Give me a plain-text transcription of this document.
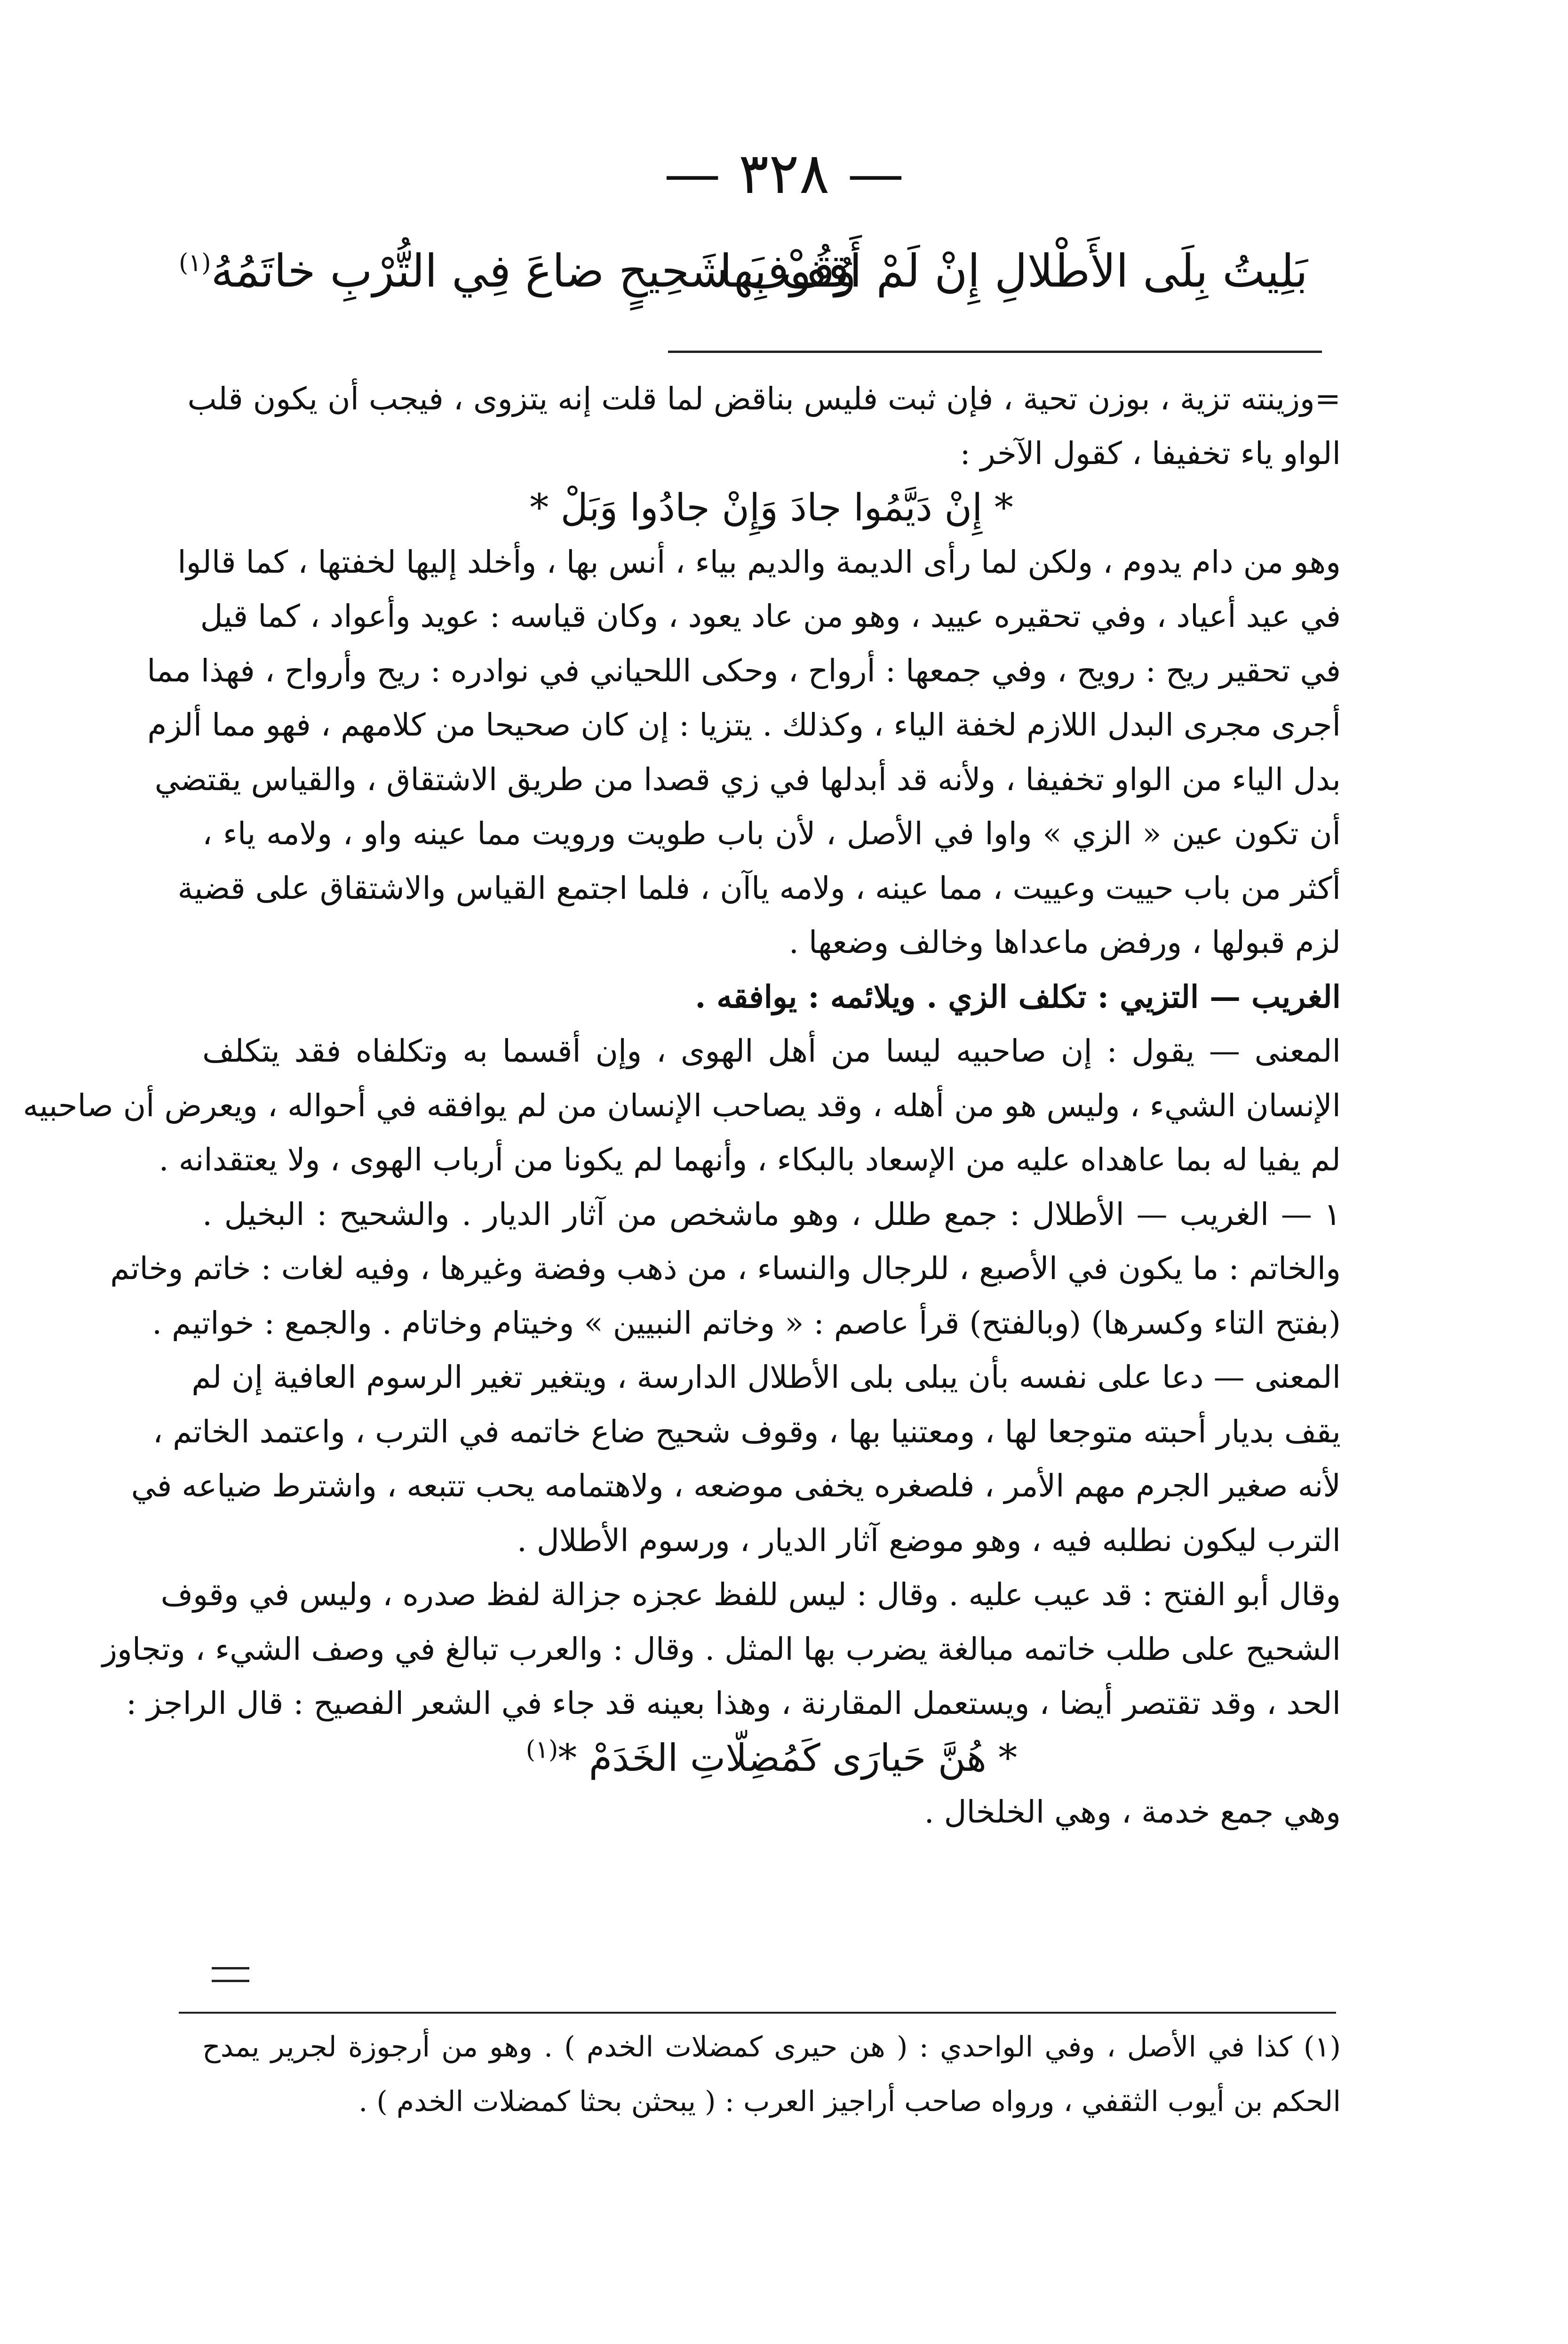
— ٣٢٨ —
بَلِيتُ بِلَى الأَطْلالِ إِنْ لَمْ أَقِفْ بِها
وُقُوفَ شَحِيحٍ ضاعَ فِي التُّرْبِ خاتَمُهُ$^{(١)}$
=وزينته تزية ، بوزن تحية ، فإن ثبت فليس بناقض لما قلت إنه يتزوى ، فيجب أن يكون قلب
الواو ياء تخفيفا ، كقول الآخر :
* إِنْ دَيَّمُوا جادَ وَإِنْ جادُوا وَبَلْ *
وهو من دام يدوم ، ولكن لما رأى الديمة والديم بياء ، أنس بها ، وأخلد إليها لخفتها ، كما قالوا
في عيد أعياد ، وفي تحقيره عييد ، وهو من عاد يعود ، وكان قياسه : عويد وأعواد ، كما قيل
في تحقير ريح : رويح ، وفي جمعها : أرواح ، وحكى اللحياني في نوادره : ريح وأرواح ، فهذا مما
أجرى مجرى البدل اللازم لخفة الياء ، وكذلك . يتزيا : إن كان صحيحا من كلامهم ، فهو مما ألزم
بدل الياء من الواو تخفيفا ، ولأنه قد أبدلها في زي قصدا من طريق الاشتقاق ، والقياس يقتضي
أن تكون عين « الزي » واوا في الأصل ، لأن باب طويت ورويت مما عينه واو ، ولامه ياء ،
أكثر من باب حييت وعييت ، مما عينه ، ولامه ياآن ، فلما اجتمع القياس والاشتقاق على قضية
لزم قبولها ، ورفض ماعداها وخالف وضعها .
الغريب — التزيي : تكلف الزي . ويلائمه : يوافقه .
المعنى — يقول : إن صاحبيه ليسا من أهل الهوى ، وإن أقسما به وتكلفاه فقد يتكلف
الإنسان الشيء ، وليس هو من أهله ، وقد يصاحب الإنسان من لم يوافقه في أحواله ، ويعرض أن صاحبيه
لم يفيا له بما عاهداه عليه من الإسعاد بالبكاء ، وأنهما لم يكونا من أرباب الهوى ، ولا يعتقدانه .
١ — الغريب — الأطلال : جمع طلل ، وهو ماشخص من آثار الديار . والشحيح : البخيل .
والخاتم : ما يكون في الأصبع ، للرجال والنساء ، من ذهب وفضة وغيرها ، وفيه لغات : خاتم وخاتم
(بفتح التاء وكسرها) (وبالفتح) قرأ عاصم : « وخاتم النبيين » وخيتام وخاتام . والجمع : خواتيم .
المعنى — دعا على نفسه بأن يبلى بلى الأطلال الدارسة ، ويتغير تغير الرسوم العافية إن لم
يقف بديار أحبته متوجعا لها ، ومعتنيا بها ، وقوف شحيح ضاع خاتمه في الترب ، واعتمد الخاتم ،
لأنه صغير الجرم مهم الأمر ، فلصغره يخفى موضعه ، ولاهتمامه يحب تتبعه ، واشترط ضياعه في
الترب ليكون نطلبه فيه ، وهو موضع آثار الديار ، ورسوم الأطلال .
وقال أبو الفتح : قد عيب عليه . وقال : ليس للفظ عجزه جزالة لفظ صدره ، وليس في وقوف
الشحيح على طلب خاتمه مبالغة يضرب بها المثل . وقال : والعرب تبالغ في وصف الشيء ، وتجاوز
الحد ، وقد تقتصر أيضا ، ويستعمل المقارنة ، وهذا بعينه قد جاء في الشعر الفصيح : قال الراجز :
* هُنَّ حَيارَى كَمُضِلّاتِ الخَدَمْ *$^{(١)}$
وهي جمع خدمة ، وهي الخلخال .
(١) كذا في الأصل ، وفي الواحدي : ( هن حيرى كمضلات الخدم ) . وهو من أرجوزة لجرير يمدح
الحكم بن أيوب الثقفي ، ورواه صاحب أراجيز العرب : ( يبحثن بحثا كمضلات الخدم ) .
